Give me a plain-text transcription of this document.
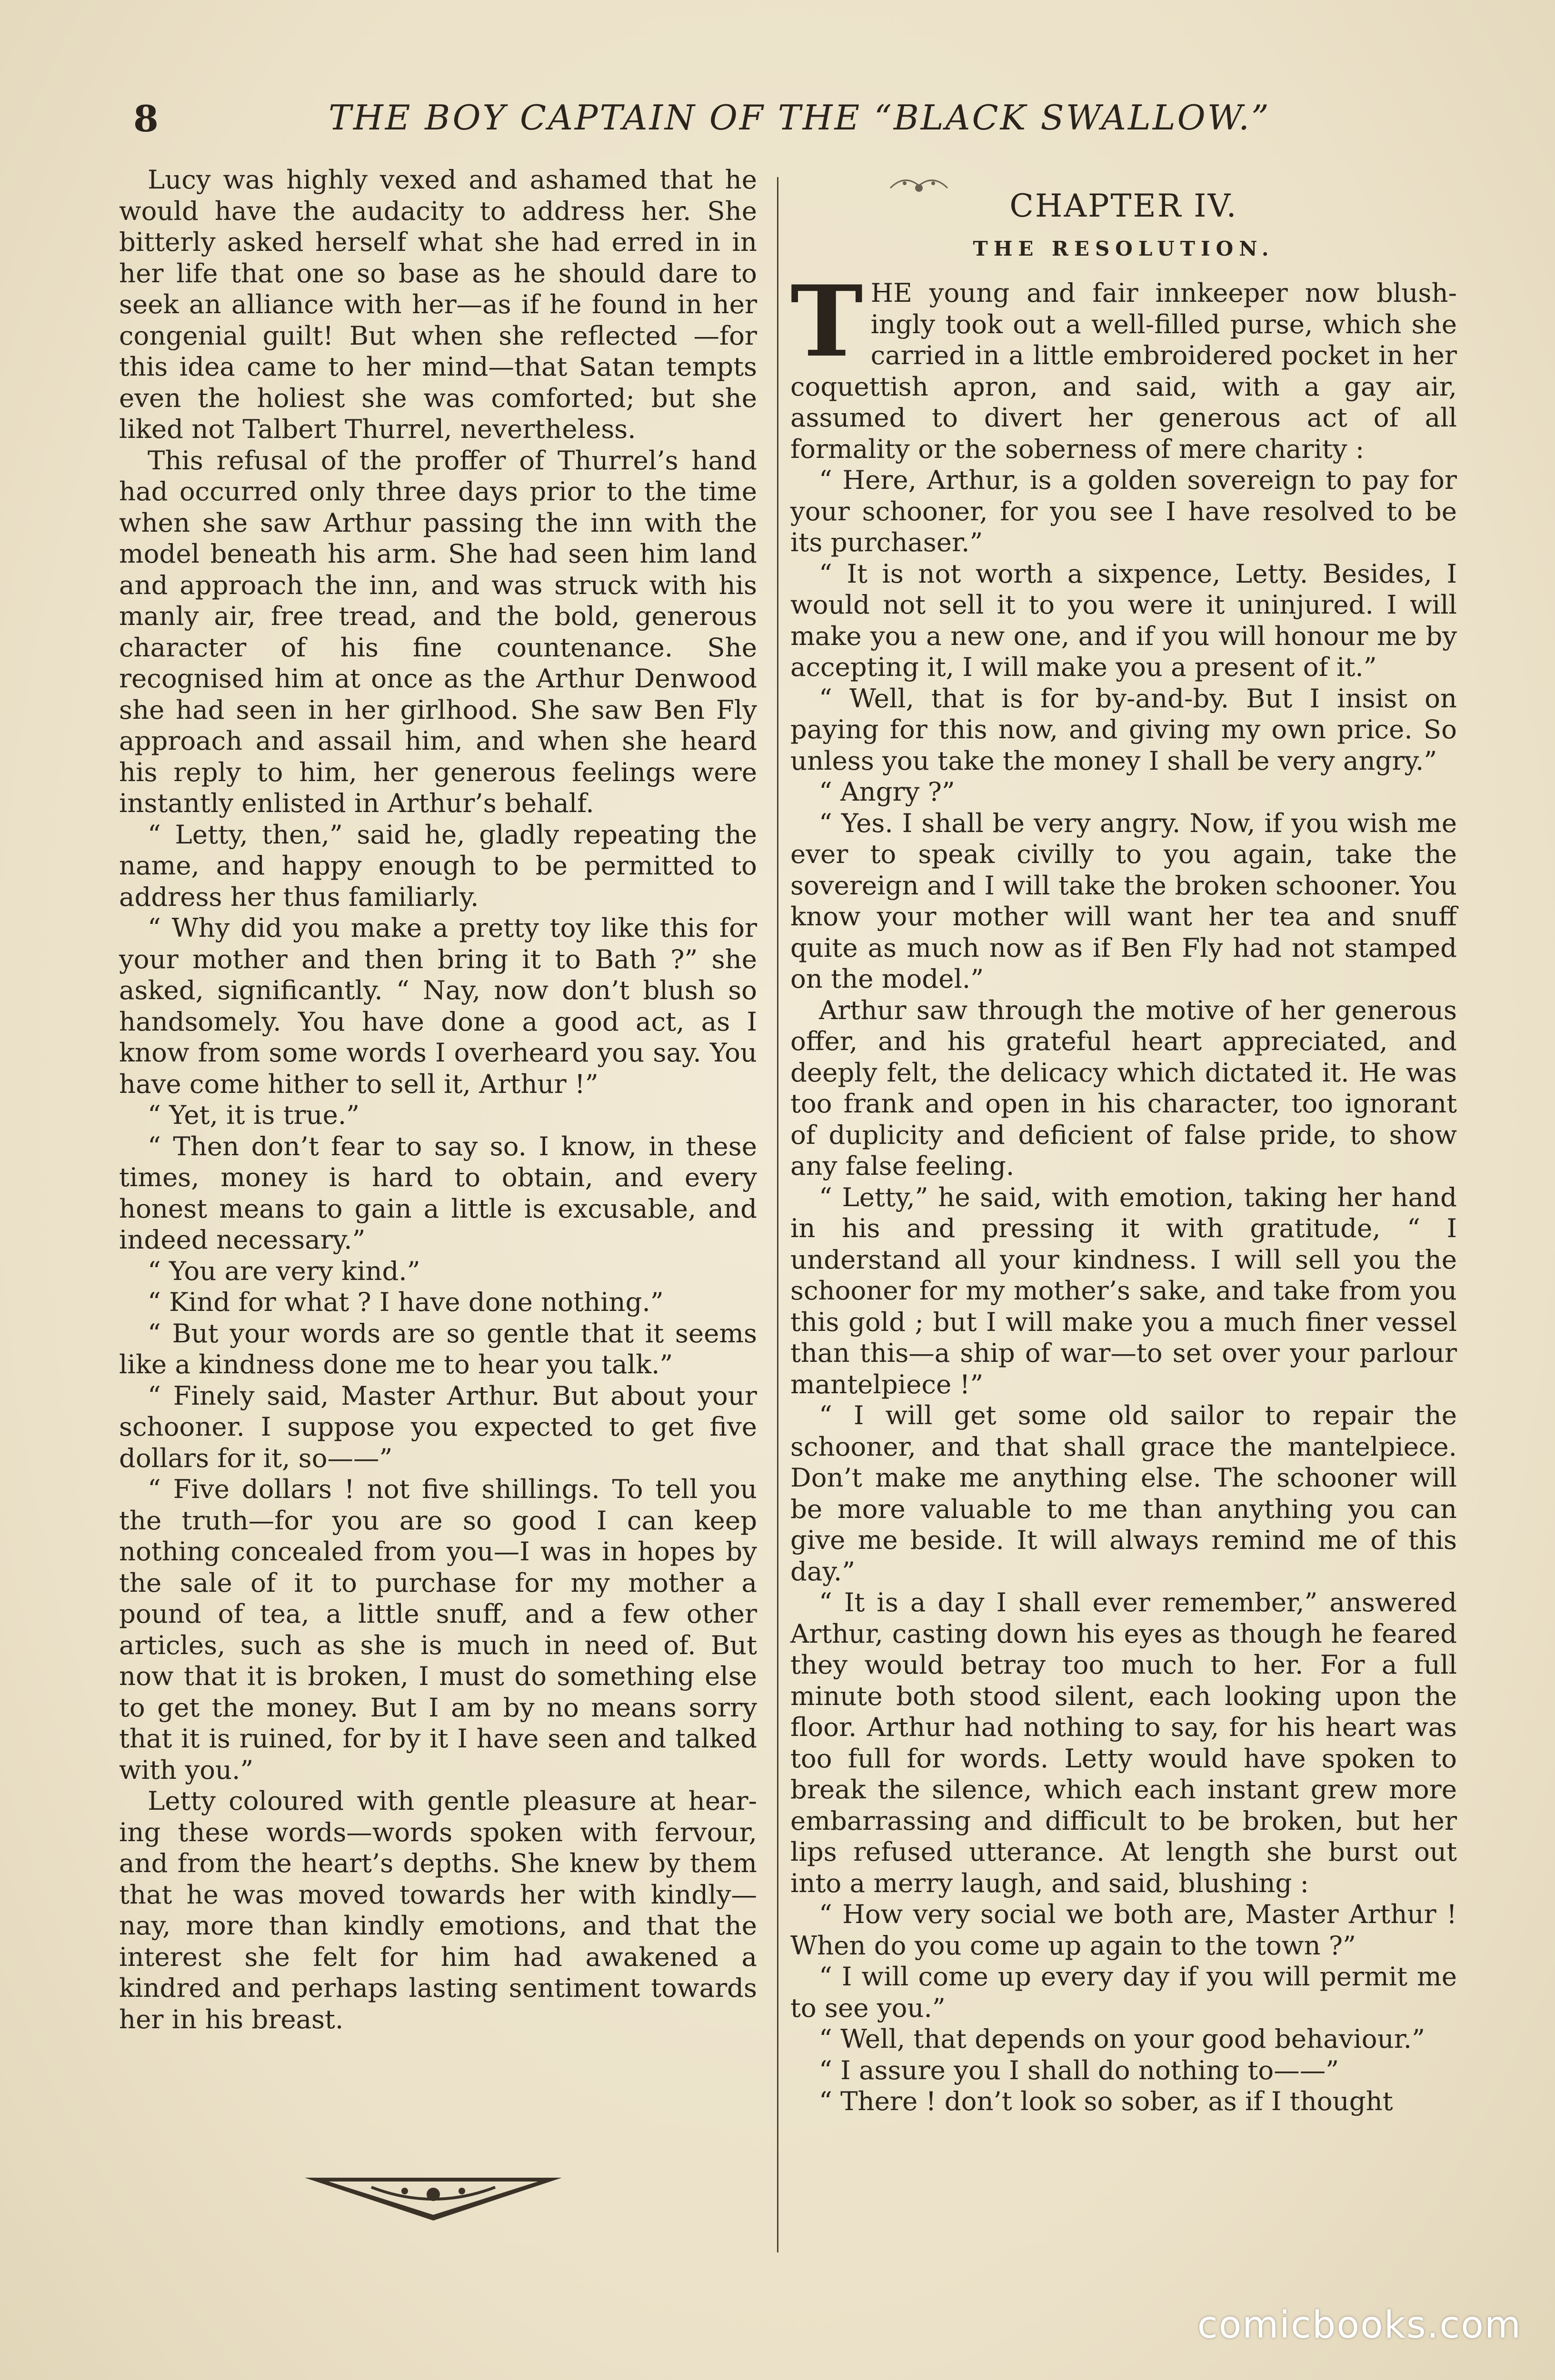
8	THE BOY CAPTAIN OF THE “BLACK SWALLOW.”

Lucy was highly vexed and ashamed that he would have the audacity to address her. She bitterly asked herself what she had erred in in her life that one so base as he should dare to seek an alliance with her—as if he found in her congenial guilt! But when she reflected —for this idea came to her mind—that Satan tempts even the holiest she was comforted; but she liked not Talbert Thurrel, nevertheless.

This refusal of the proffer of Thurrel’s hand had occurred only three days prior to the time when she saw Arthur passing the inn with the model beneath his arm. She had seen him land and approach the inn, and was struck with his manly air, free tread, and the bold, generous character of his fine countenance. She recognised him at once as the Arthur Denwood she had seen in her girlhood. She saw Ben Fly approach and assail him, and when she heard his reply to him, her generous feelings were instantly enlisted in Arthur’s behalf.

“ Letty, then,” said he, gladly repeating the name, and happy enough to be permitted to address her thus familiarly.

“ Why did you make a pretty toy like this for your mother and then bring it to Bath ?” she asked, significantly. “ Nay, now don’t blush so handsomely. You have done a good act, as I know from some words I overheard you say. You have come hither to sell it, Arthur !”

“ Yet, it is true.”

“ Then don’t fear to say so. I know, in these times, money is hard to obtain, and every honest means to gain a little is excusable, and indeed necessary.”

“ You are very kind.”

“ Kind for what ? I have done nothing.”

“ But your words are so gentle that it seems like a kindness done me to hear you talk.”

“ Finely said, Master Arthur. But about your schooner. I suppose you expected to get five dollars for it, so——”

“ Five dollars ! not five shillings. To tell you the truth—for you are so good I can keep nothing concealed from you—I was in hopes by the sale of it to purchase for my mother a pound of tea, a little snuff, and a few other articles, such as she is much in need of. But now that it is broken, I must do something else to get the money. But I am by no means sorry that it is ruined, for by it I have seen and talked with you.”

Letty coloured with gentle pleasure at hearing these words—words spoken with fervour, and from the heart’s depths. She knew by them that he was moved towards her with kindly—nay, more than kindly emotions, and that the interest she felt for him had awakened a kindred and perhaps lasting sentiment towards her in his breast.

CHAPTER IV.
THE RESOLUTION.

THE young and fair innkeeper now blushingly took out a well-filled purse, which she carried in a little embroidered pocket in her coquettish apron, and said, with a gay air, assumed to divert her generous act of all formality or the soberness of mere charity :

“ Here, Arthur, is a golden sovereign to pay for your schooner, for you see I have resolved to be its purchaser.”

“ It is not worth a sixpence, Letty. Besides, I would not sell it to you were it uninjured. I will make you a new one, and if you will honour me by accepting it, I will make you a present of it.”

“ Well, that is for by-and-by. But I insist on paying for this now, and giving my own price. So unless you take the money I shall be very angry.”

“ Angry ?”

“ Yes. I shall be very angry. Now, if you wish me ever to speak civilly to you again, take the sovereign and I will take the broken schooner. You know your mother will want her tea and snuff quite as much now as if Ben Fly had not stamped on the model.”

Arthur saw through the motive of her generous offer, and his grateful heart appreciated, and deeply felt, the delicacy which dictated it. He was too frank and open in his character, too ignorant of duplicity and deficient of false pride, to show any false feeling.

“ Letty,” he said, with emotion, taking her hand in his and pressing it with gratitude, “ I understand all your kindness. I will sell you the schooner for my mother’s sake, and take from you this gold ; but I will make you a much finer vessel than this—a ship of war—to set over your parlour mantelpiece !”

“ I will get some old sailor to repair the schooner, and that shall grace the mantelpiece. Don’t make me anything else. The schooner will be more valuable to me than anything you can give me beside. It will always remind me of this day.”

“ It is a day I shall ever remember,” answered Arthur, casting down his eyes as though he feared they would betray too much to her. For a full minute both stood silent, each looking upon the floor. Arthur had nothing to say, for his heart was too full for words. Letty would have spoken to break the silence, which each instant grew more embarrassing and difficult to be broken, but her lips refused utterance. At length she burst out into a merry laugh, and said, blushing :

“ How very social we both are, Master Arthur ! When do you come up again to the town ?”

“ I will come up every day if you will permit me to see you.”

“ Well, that depends on your good behaviour.”

“ I assure you I shall do nothing to——”

“ There ! don’t look so sober, as if I thought

comicbooks.com
